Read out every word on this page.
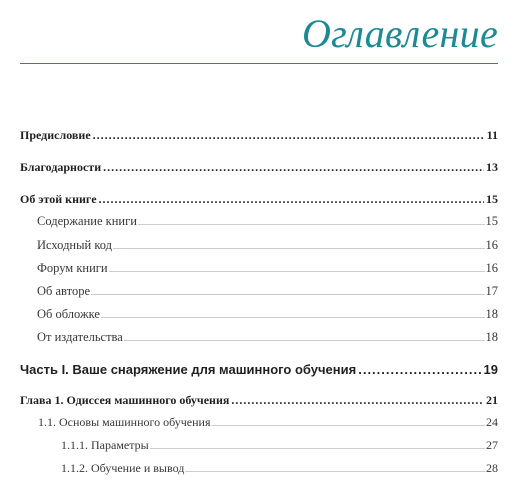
Оглавление
Предисловие .....	11
Благодарности .....	13
Об этой книге .....	15
Содержание книги _____	15
Исходный код _____	16
Форум книги _____	16
Об авторе _____	17
Об обложке _____	18
От издательства _____	18
Часть I. Ваше снаряжение для машинного обучения .....	19
Глава 1. Одиссея машинного обучения .....	21
1.1. Основы машинного обучения _____	24
1.1.1. Параметры _____	27
1.1.2. Обучение и вывод _____	28
